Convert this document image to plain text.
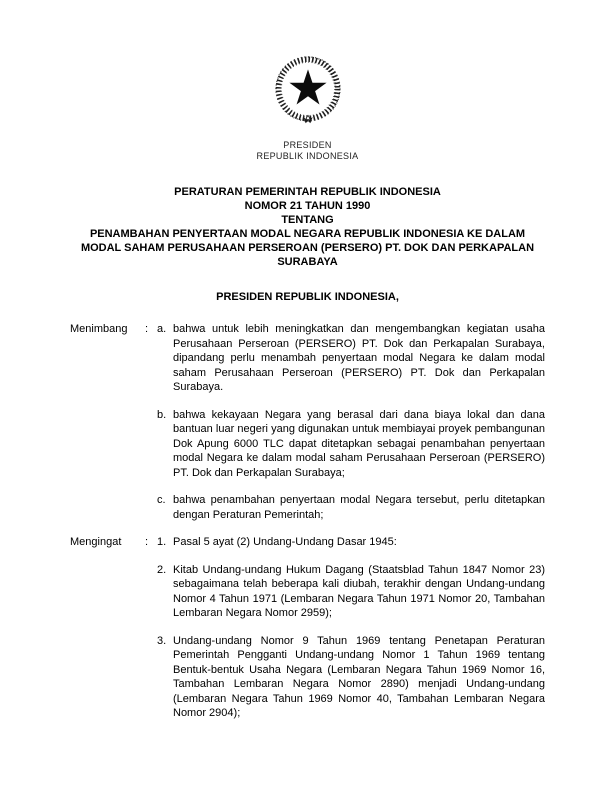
PRESIDEN
REPUBLIK INDONESIA
PERATURAN PEMERINTAH REPUBLIK INDONESIA
NOMOR 21 TAHUN 1990
TENTANG
PENAMBAHAN PENYERTAAN MODAL NEGARA REPUBLIK INDONESIA KE DALAM
MODAL SAHAM PERUSAHAAN PERSEROAN (PERSERO) PT. DOK DAN PERKAPALAN
SURABAYA
PRESIDEN REPUBLIK INDONESIA,
Menimbang : a. bahwa untuk lebih meningkatkan dan mengembangkan kegiatan usaha Perusahaan Perseroan (PERSERO) PT. Dok dan Perkapalan Surabaya, dipandang perlu menambah penyertaan modal Negara ke dalam modal saham Perusahaan Perseroan (PERSERO) PT. Dok dan Perkapalan Surabaya.
b. bahwa kekayaan Negara yang berasal dari dana biaya lokal dan dana bantuan luar negeri yang digunakan untuk membiayai proyek pembangunan Dok Apung 6000 TLC dapat ditetapkan sebagai penambahan penyertaan modal Negara ke dalam modal saham Perusahaan Perseroan (PERSERO) PT. Dok dan Perkapalan Surabaya;
c. bahwa penambahan penyertaan modal Negara tersebut, perlu ditetapkan dengan Peraturan Pemerintah;
Mengingat : 1. Pasal 5 ayat (2) Undang-Undang Dasar 1945:
2. Kitab Undang-undang Hukum Dagang (Staatsblad Tahun 1847 Nomor 23) sebagaimana telah beberapa kali diubah, terakhir dengan Undang-undang Nomor 4 Tahun 1971 (Lembaran Negara Tahun 1971 Nomor 20, Tambahan Lembaran Negara Nomor 2959);
3. Undang-undang Nomor 9 Tahun 1969 tentang Penetapan Peraturan Pemerintah Pengganti Undang-undang Nomor 1 Tahun 1969 tentang Bentuk-bentuk Usaha Negara (Lembaran Negara Tahun 1969 Nomor 16, Tambahan Lembaran Negara Nomor 2890) menjadi Undang-undang (Lembaran Negara Tahun 1969 Nomor 40, Tambahan Lembaran Negara Nomor 2904);
